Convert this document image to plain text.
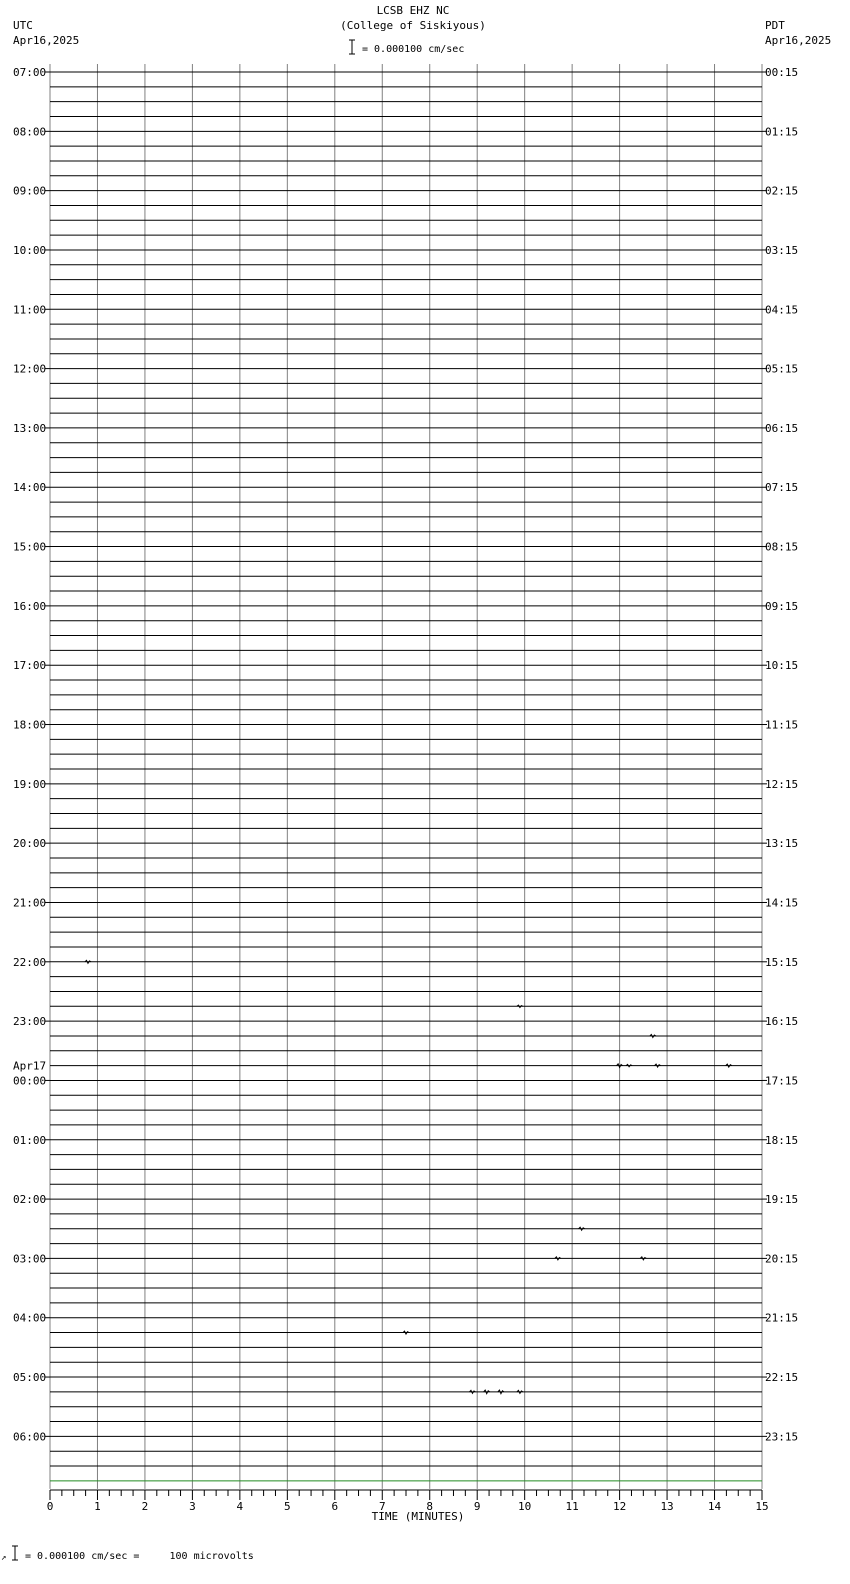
LCSB EHZ NC
(College of Siskiyous)
= 0.000100 cm/sec
UTC
Apr16,2025
PDT
Apr16,2025
07:00
08:00
09:00
10:00
11:00
12:00
13:00
14:00
15:00
16:00
17:00
18:00
19:00
20:00
21:00
22:00
23:00
00:00
01:00
02:00
03:00
04:00
05:00
06:00
00:15
01:15
02:15
03:15
04:15
05:15
06:15
07:15
08:15
09:15
10:15
11:15
12:15
13:15
14:15
15:15
16:15
17:15
18:15
19:15
20:15
21:15
22:15
23:15
Apr17
0	1	2	3	4	5	6	7	8	9	10	11	12	13	14	15
TIME (MINUTES)
↗ = 0.000100 cm/sec =     100 microvolts
